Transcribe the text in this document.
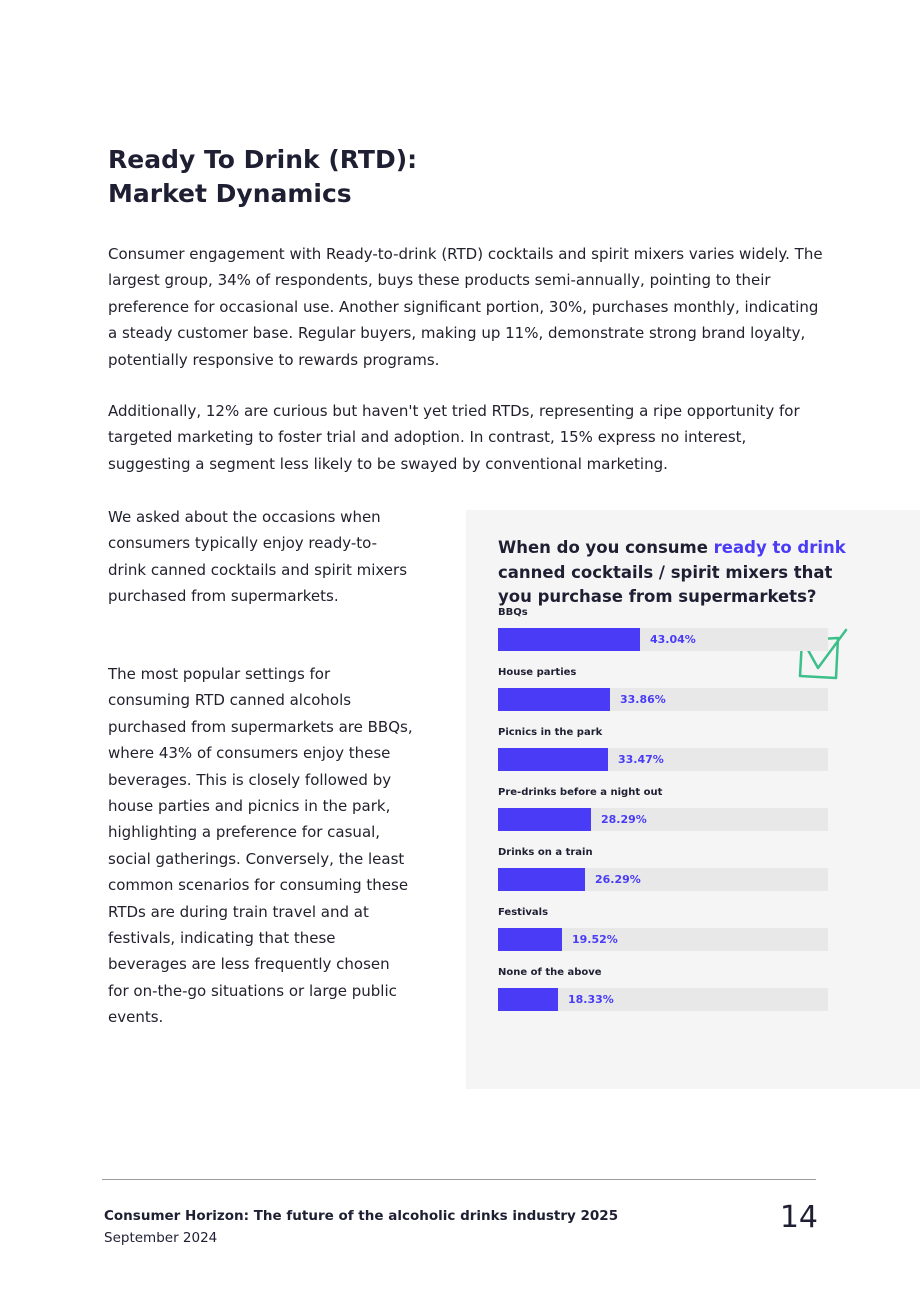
Ready To Drink (RTD):
Market Dynamics

Consumer engagement with Ready-to-drink (RTD) cocktails and spirit mixers varies widely. The largest group, 34% of respondents, buys these products semi-annually, pointing to their preference for occasional use. Another significant portion, 30%, purchases monthly, indicating a steady customer base. Regular buyers, making up 11%, demonstrate strong brand loyalty, potentially responsive to rewards programs.

Additionally, 12% are curious but haven't yet tried RTDs, representing a ripe opportunity for targeted marketing to foster trial and adoption. In contrast, 15% express no interest, suggesting a segment less likely to be swayed by conventional marketing.

We asked about the occasions when consumers typically enjoy ready-to-drink canned cocktails and spirit mixers purchased from supermarkets.

The most popular settings for consuming RTD canned alcohols purchased from supermarkets are BBQs, where 43% of consumers enjoy these beverages. This is closely followed by house parties and picnics in the park, highlighting a preference for casual, social gatherings. Conversely, the least common scenarios for consuming these RTDs are during train travel and at festivals, indicating that these beverages are less frequently chosen for on-the-go situations or large public events.

When do you consume ready to drink canned cocktails / spirit mixers that you purchase from supermarkets?
BBQs
43.04%
House parties
33.86%
Picnics in the park
33.47%
Pre-drinks before a night out
28.29%
Drinks on a train
26.29%
Festivals
19.52%
None of the above
18.33%
Consumer Horizon: The future of the alcoholic drinks industry 2025
September 2024
14
